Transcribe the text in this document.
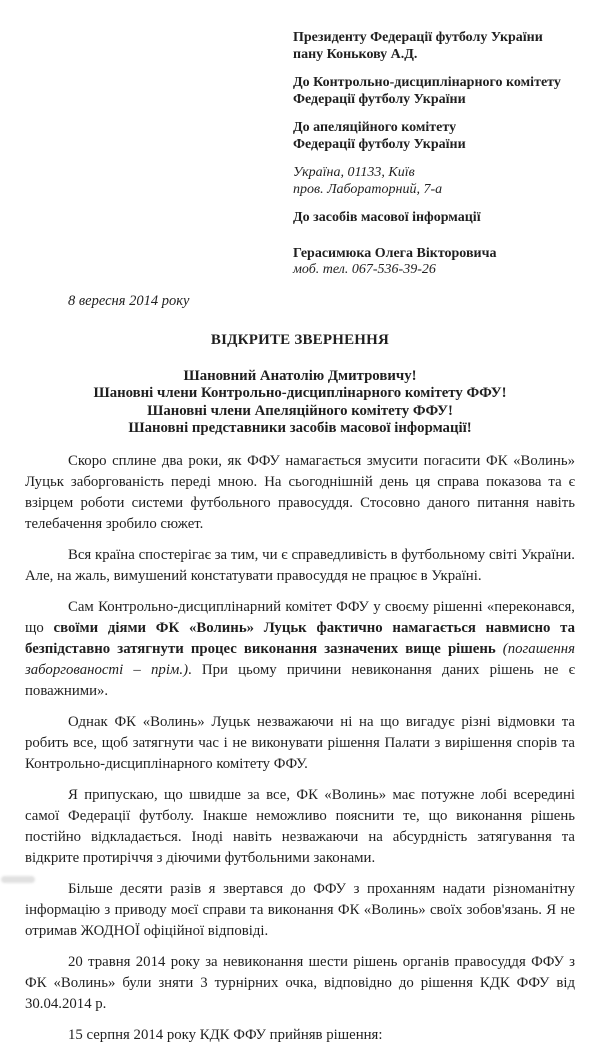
Президенту Федерації футболу України
пану Конькову А.Д.
До Контрольно-дисциплінарного комітету
Федерації футболу України
До апеляційного комітету
Федерації футболу України
Україна, 01133, Київ
пров. Лабораторний, 7-а
До засобів масової інформації
Герасимюка Олега Вікторовича
моб. тел. 067-536-39-26
8 вересня 2014 року
ВІДКРИТЕ ЗВЕРНЕННЯ
Шановний Анатолію Дмитровичу!
Шановні члени Контрольно-дисциплінарного комітету ФФУ!
Шановні члени Апеляційного комітету ФФУ!
Шановні представники засобів масової інформації!

Скоро сплине два роки, як ФФУ намагається змусити погасити ФК «Волинь» Луцьк заборгованість переді мною. На сьогоднішній день ця справа показова та є взірцем роботи системи футбольного правосуддя. Стосовно даного питання навіть телебачення зробило сюжет.

Вся країна спостерігає за тим, чи є справедливість в футбольному світі України. Але, на жаль, вимушений констатувати правосуддя не працює в Україні.

Сам Контрольно-дисциплінарний комітет ФФУ у своєму рішенні «переконався, що своїми діями ФК «Волинь» Луцьк фактично намагається навмисно та безпідставно затягнути процес виконання зазначених вище рішень (погашення заборгованості – прім.). При цьому причини невиконання даних рішень не є поважними».

Однак ФК «Волинь» Луцьк незважаючи ні на що вигадує різні відмовки та робить все, щоб затягнути час і не виконувати рішення Палати з вирішення спорів та Контрольно-дисциплінарного комітету ФФУ.

Я припускаю, що швидше за все, ФК «Волинь» має потужне лобі всередині самої Федерації футболу. Інакше неможливо пояснити те, що виконання рішень постійно відкладається. Іноді навіть незважаючи на абсурдність затягування та відкрите протиріччя з діючими футбольними законами.

Більше десяти разів я звертався до ФФУ з проханням надати різноманітну інформацію з приводу моєї справи та виконання ФК «Волинь» своїх зобов'язань. Я не отримав ЖОДНОЇ офіційної відповіді.

20 травня 2014 року за невиконання шести рішень органів правосуддя ФФУ з ФК «Волинь» були зняти 3 турнірних очка, відповідно до рішення КДК ФФУ від 30.04.2014 р.

15 серпня 2014 року КДК ФФУ прийняв рішення:
